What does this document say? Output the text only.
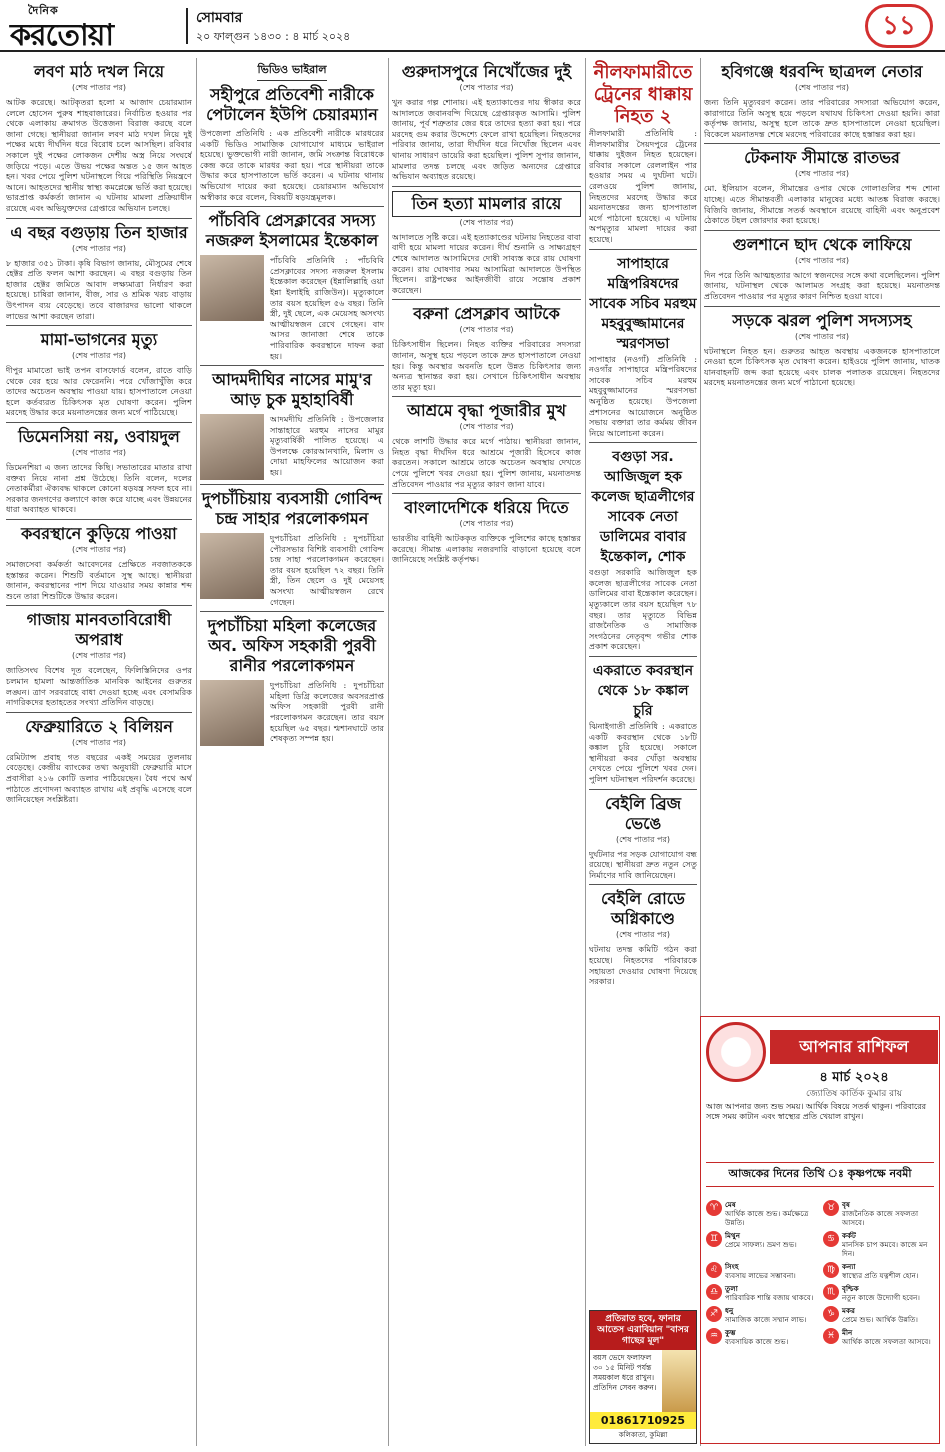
দৈনিক
করতোয়া	সোমবার
২০ ফাল্গুন ১৪৩০ : ৪ মার্চ ২০২৪	১১
লবণ মাঠ দখল নিয়ে
(শেষ পাতার পর)
আটক করেছে। আটকৃতরা হলো ম আজাদ চেয়ারম্যান লেলে হোসেন পুরুষ শাহবাজারের। নির্বাচিত হওয়ার পর থেকে এলাকায় ক্রমাগত উত্তেজনা বিরাজ করছে বলে জানা গেছে। স্থানীয়রা জানান লবণ মাঠ দখল নিয়ে দুই পক্ষের মধ্যে দীর্ঘদিন ধরে বিরোধ চলে আসছিল। রবিবার সকালে দুই পক্ষের লোকজন দেশীয় অস্ত্র নিয়ে সংঘর্ষে জড়িয়ে পড়ে। এতে উভয় পক্ষের অন্তত ১৫ জন আহত হন। খবর পেয়ে পুলিশ ঘটনাস্থলে গিয়ে পরিস্থিতি নিয়ন্ত্রণে আনে। আহতদের স্থানীয় স্বাস্থ্য কমপ্লেক্সে ভর্তি করা হয়েছে। ভারপ্রাপ্ত কর্মকর্তা জানান এ ঘটনায় মামলা প্রক্রিয়াধীন রয়েছে এবং অভিযুক্তদের গ্রেপ্তারে অভিযান চলছে।
এ বছর বগুড়ায় তিন হাজার
(শেষ পাতার পর)
৮ হাজার ৩৫১ টাকা। কৃষি বিভাগ জানায়, মৌসুমের শেষে হেক্টর প্রতি ফলন আশা করছেন। এ বছর বগুড়ায় তিন হাজার হেক্টর জমিতে আবাদ লক্ষ্যমাত্রা নির্ধারণ করা হয়েছে। চাষিরা জানান, বীজ, সার ও শ্রমিক খরচ বাড়ায় উৎপাদন ব্যয় বেড়েছে। তবে বাজারদর ভালো থাকলে লাভের আশা করছেন তারা।
মামা-ভাগনের মৃত্যু
(শেষ পাতার পর)
দীপুর মামাতো ভাই তপন বাসফোর্ড বলেন, রাতে বাড়ি থেকে বের হয়ে আর ফেরেননি। পরে খোঁজাখুঁজি করে তাদের অচেতন অবস্থায় পাওয়া যায়। হাসপাতালে নেওয়া হলে কর্তব্যরত চিকিৎসক মৃত ঘোষণা করেন। পুলিশ মরদেহ উদ্ধার করে ময়নাতদন্তের জন্য মর্গে পাঠিয়েছে।
ডিমেনসিয়া নয়, ওবায়দুল
(শেষ পাতার পর)
ডিমেনশিয়া এ জন্য তাদের কিছি। সভাতারের মাতার রাখা বক্তব্য নিয়ে নানা প্রশ্ন উঠেছে। তিনি বলেন, দলের নেতাকর্মীরা ঐক্যবদ্ধ থাকলে কোনো ষড়যন্ত্র সফল হবে না। সরকার জনগণের কল্যাণে কাজ করে যাচ্ছে এবং উন্নয়নের ধারা অব্যাহত থাকবে।
কবরস্থানে কুড়িয়ে পাওয়া
(শেষ পাতার পর)
সমাজসেবা কর্মকর্তা আবেদনের প্রেক্ষিতে নবজাতককে হস্তান্তর করেন। শিশুটি বর্তমানে সুস্থ আছে। স্থানীয়রা জানান, কবরস্থানের পাশ দিয়ে যাওয়ার সময় কান্নার শব্দ শুনে তারা শিশুটিকে উদ্ধার করেন।
গাজায় মানবতাবিরোধী অপরাধ
(শেষ পাতার পর)
জাতিসংঘ বিশেষ দূত বলেছেন, ফিলিস্তিনিদের ওপর চলমান হামলা আন্তর্জাতিক মানবিক আইনের গুরুতর লঙ্ঘন। ত্রাণ সরবরাহে বাধা দেওয়া হচ্ছে এবং বেসামরিক নাগরিকদের হতাহতের সংখ্যা প্রতিদিন বাড়ছে।
ফেব্রুয়ারিতে ২ বিলিয়ন
(শেষ পাতার পর)
রেমিট্যান্স প্রবাহ গত বছরের একই সময়ের তুলনায় বেড়েছে। কেন্দ্রীয় ব্যাংকের তথ্য অনুযায়ী ফেব্রুয়ারি মাসে প্রবাসীরা ২১৬ কোটি ডলার পাঠিয়েছেন। বৈধ পথে অর্থ পাঠাতে প্রণোদনা অব্যাহত রাখায় এই প্রবৃদ্ধি এসেছে বলে জানিয়েছেন সংশ্লিষ্টরা।
ভিডিও ভাইরাল
সহীপুরে প্রতিবেশী নারীকে পেটালেন ইউপি চেয়ারম্যান
উপজেলা প্রতিনিধি : এক প্রতিবেশী নারীকে মারধরের একটি ভিডিও সামাজিক যোগাযোগ মাধ্যমে ভাইরাল হয়েছে। ভুক্তভোগী নারী জানান, জমি সংক্রান্ত বিরোধকে কেন্দ্র করে তাকে মারধর করা হয়। পরে স্থানীয়রা তাকে উদ্ধার করে হাসপাতালে ভর্তি করেন। এ ঘটনায় থানায় অভিযোগ দায়ের করা হয়েছে। চেয়ারম্যান অভিযোগ অস্বীকার করে বলেন, বিষয়টি ষড়যন্ত্রমূলক।
পাঁচবিবি প্রেসক্লাবের সদস্য নজরুল ইসলামের ইন্তেকাল
পাঁচবিবি প্রতিনিধি : পাঁচবিবি প্রেসক্লাবের সদস্য নজরুল ইসলাম ইন্তেকাল করেছেন (ইন্নালিল্লাহি ওয়া ইন্না ইলাইহি রাজিউন)। মৃত্যুকালে তার বয়স হয়েছিল ৫৬ বছর। তিনি স্ত্রী, দুই ছেলে, এক মেয়েসহ অসংখ্য আত্মীয়স্বজন রেখে গেছেন। বাদ আসর জানাজা শেষে তাকে পারিবারিক কবরস্থানে দাফন করা হয়।
আদমদীঘির নাসের মামু'র আড় চুক মুহাহাবির্ষী
আদমদীঘি প্রতিনিধি : উপজেলার সান্তাহারে মরহুম নাসের মামুর মৃত্যুবার্ষিকী পালিত হয়েছে। এ উপলক্ষে কোরআনখানি, মিলাদ ও দোয়া মাহফিলের আয়োজন করা হয়।
দুপচাঁচিয়ায় ব্যবসায়ী গোবিন্দ চন্দ্র সাহার পরলোকগমন
দুপচাঁচিয়া প্রতিনিধি : দুপচাঁচিয়া পৌরসভার বিশিষ্ট ব্যবসায়ী গোবিন্দ চন্দ্র সাহা পরলোকগমন করেছেন। তার বয়স হয়েছিল ৭২ বছর। তিনি স্ত্রী, তিন ছেলে ও দুই মেয়েসহ অসংখ্য আত্মীয়স্বজন রেখে গেছেন।
দুপচাঁচিয়া মহিলা কলেজের অব. অফিস সহকারী পুরবী রানীর পরলোকগমন
দুপচাঁচিয়া প্রতিনিধি : দুপচাঁচিয়া মহিলা ডিগ্রি কলেজের অবসরপ্রাপ্ত অফিস সহকারী পুরবী রানী পরলোকগমন করেছেন। তার বয়স হয়েছিল ৬৫ বছর। শ্মশানঘাটে তার শেষকৃত্য সম্পন্ন হয়।
গুরুদাসপুরে নিখোঁজের দুই
(শেষ পাতার পর)
খুন করার গল্প শোনায়। এই হত্যাকাণ্ডের দায় স্বীকার করে আদালতে জবানবন্দি দিয়েছে গ্রেপ্তারকৃত আসামি। পুলিশ জানায়, পূর্ব শত্রুতার জের ধরে তাদের হত্যা করা হয়। পরে মরদেহ গুম করার উদ্দেশ্যে ফেলে রাখা হয়েছিল। নিহতদের পরিবার জানায়, তারা দীর্ঘদিন ধরে নিখোঁজ ছিলেন এবং থানায় সাধারণ ডায়েরি করা হয়েছিল। পুলিশ সুপার জানান, মামলার তদন্ত চলছে এবং জড়িত অন্যদের গ্রেপ্তারে অভিযান অব্যাহত রয়েছে।
তিন হত্যা মামলার রায়ে
(শেষ পাতার পর)
আদালতে সৃষ্টি করে। এই হত্যাকাণ্ডের ঘটনায় নিহতের বাবা বাদী হয়ে মামলা দায়ের করেন। দীর্ঘ শুনানি ও সাক্ষ্যগ্রহণ শেষে আদালত আসামিদের দোষী সাব্যস্ত করে রায় ঘোষণা করেন। রায় ঘোষণার সময় আসামিরা আদালতে উপস্থিত ছিলেন। রাষ্ট্রপক্ষের আইনজীবী রায়ে সন্তোষ প্রকাশ করেছেন।
বরুনা প্রেসক্লাব আটকে
(শেষ পাতার পর)
চিকিৎসাধীন ছিলেন। নিহত ব্যক্তির পরিবারের সদস্যরা জানান, অসুস্থ হয়ে পড়লে তাকে দ্রুত হাসপাতালে নেওয়া হয়। কিন্তু অবস্থার অবনতি হলে উন্নত চিকিৎসার জন্য অন্যত্র স্থানান্তর করা হয়। সেখানে চিকিৎসাধীন অবস্থায় তার মৃত্যু হয়।
আশ্রমে বৃদ্ধা পূজারীর মুখ
(শেষ পাতার পর)
থেকে লাশটি উদ্ধার করে মর্গে পাঠায়। স্থানীয়রা জানান, নিহত বৃদ্ধা দীর্ঘদিন ধরে আশ্রমে পূজারী হিসেবে কাজ করতেন। সকালে আশ্রমে তাকে অচেতন অবস্থায় দেখতে পেয়ে পুলিশে খবর দেওয়া হয়। পুলিশ জানায়, ময়নাতদন্ত প্রতিবেদন পাওয়ার পর মৃত্যুর কারণ জানা যাবে।
বাংলাদেশিকে ধরিয়ে দিতে
(শেষ পাতার পর)
ভারতীয় বাহিনী আটককৃত ব্যক্তিকে পুলিশের কাছে হস্তান্তর করেছে। সীমান্ত এলাকায় নজরদারি বাড়ানো হয়েছে বলে জানিয়েছে সংশ্লিষ্ট কর্তৃপক্ষ।
নীলফামারীতে ট্রেনের ধাক্কায় নিহত ২
নীলফামারী প্রতিনিধি : নীলফামারীর সৈয়দপুরে ট্রেনের ধাক্কায় দুইজন নিহত হয়েছেন। রবিবার সকালে রেললাইন পার হওয়ার সময় এ দুর্ঘটনা ঘটে। রেলওয়ে পুলিশ জানায়, নিহতদের মরদেহ উদ্ধার করে ময়নাতদন্তের জন্য হাসপাতাল মর্গে পাঠানো হয়েছে। এ ঘটনায় অপমৃত্যুর মামলা দায়ের করা হয়েছে।
সাপাহারে মন্ত্রিপরিষদের সাবেক সচিব মরহুম মহবুবুজ্জামানের স্মরণসভা
সাপাহার (নওগাঁ) প্রতিনিধি : নওগাঁর সাপাহারে মন্ত্রিপরিষদের সাবেক সচিব মরহুম মহবুবুজ্জামানের স্মরণসভা অনুষ্ঠিত হয়েছে। উপজেলা প্রশাসনের আয়োজনে অনুষ্ঠিত সভায় বক্তারা তার কর্মময় জীবন নিয়ে আলোচনা করেন।
বগুড়া সর. আজিজুল হক কলেজ ছাত্রলীগের সাবেক নেতা ডালিমের বাবার ইন্তেকাল, শোক
বগুড়া সরকারি আজিজুল হক কলেজ ছাত্রলীগের সাবেক নেতা ডালিমের বাবা ইন্তেকাল করেছেন। মৃত্যুকালে তার বয়স হয়েছিল ৭৮ বছর। তার মৃত্যুতে বিভিন্ন রাজনৈতিক ও সামাজিক সংগঠনের নেতৃবৃন্দ গভীর শোক প্রকাশ করেছেন।
একরাতে কবরস্থান থেকে ১৮ কঙ্কাল চুরি
ঝিনাইগাতী প্রতিনিধি : একরাতে একটি কবরস্থান থেকে ১৮টি কঙ্কাল চুরি হয়েছে। সকালে স্থানীয়রা কবর খোঁড়া অবস্থায় দেখতে পেয়ে পুলিশে খবর দেন। পুলিশ ঘটনাস্থল পরিদর্শন করেছে।
বেইলি ব্রিজ ভেঙে
(শেষ পাতার পর)
দুর্ঘটনার পর সড়ক যোগাযোগ বন্ধ রয়েছে। স্থানীয়রা দ্রুত নতুন সেতু নির্মাণের দাবি জানিয়েছেন।
বেইলি রোডে অগ্নিকাণ্ডে
(শেষ পাতার পর)
ঘটনায় তদন্ত কমিটি গঠন করা হয়েছে। নিহতদের পরিবারকে সহায়তা দেওয়ার ঘোষণা দিয়েছে সরকার।
হবিগঞ্জে ধরবন্দি ছাত্রদল নেতার
(শেষ পাতার পর)
জন্য তিনি মৃত্যুবরণ করেন। তার পরিবারের সদস্যরা অভিযোগ করেন, কারাগারে তিনি অসুস্থ হয়ে পড়লে যথাযথ চিকিৎসা দেওয়া হয়নি। কারা কর্তৃপক্ষ জানায়, অসুস্থ হলে তাকে দ্রুত হাসপাতালে নেওয়া হয়েছিল। বিকেলে ময়নাতদন্ত শেষে মরদেহ পরিবারের কাছে হস্তান্তর করা হয়।
টেকনাফ সীমান্তে রাতভর
(শেষ পাতার পর)
মো. ইলিয়াস বলেন, সীমান্তের ওপার থেকে গোলাগুলির শব্দ শোনা যাচ্ছে। এতে সীমান্তবর্তী এলাকার মানুষের মধ্যে আতঙ্ক বিরাজ করছে। বিজিবি জানায়, সীমান্তে সতর্ক অবস্থানে রয়েছে বাহিনী এবং অনুপ্রবেশ ঠেকাতে টহল জোরদার করা হয়েছে।
গুলশানে ছাদ থেকে লাফিয়ে
(শেষ পাতার পর)
দিন পরে তিনি আত্মহত্যার আগে স্বজনদের সঙ্গে কথা বলেছিলেন। পুলিশ জানায়, ঘটনাস্থল থেকে আলামত সংগ্রহ করা হয়েছে। ময়নাতদন্ত প্রতিবেদন পাওয়ার পর মৃত্যুর কারণ নিশ্চিত হওয়া যাবে।
সড়কে ঝরল পুলিশ সদস্যসহ
(শেষ পাতার পর)
ঘটনাস্থলে নিহত হন। গুরুতর আহত অবস্থায় একজনকে হাসপাতালে নেওয়া হলে চিকিৎসক মৃত ঘোষণা করেন। হাইওয়ে পুলিশ জানায়, ঘাতক যানবাহনটি জব্দ করা হয়েছে এবং চালক পলাতক রয়েছেন। নিহতদের মরদেহ ময়নাতদন্তের জন্য মর্গে পাঠানো হয়েছে।
আপনার রাশিফল
৪ মার্চ ২০২৪
জ্যোতিষ কার্তিক কুমার রায়
আজ আপনার জন্য শুভ সময়। আর্থিক বিষয়ে সতর্ক থাকুন। পরিবারের সঙ্গে সময় কাটান এবং স্বাস্থ্যের প্রতি খেয়াল রাখুন।
আজকের দিনের তিথি ঃ কৃষ্ণপক্ষে নবমী
♈ মেষ
আর্থিক কাজে শুভ। কর্মক্ষেত্রে উন্নতি।
♉ বৃষ
রাজনৈতিক কাজে সফলতা আসবে।
♊ মিথুন
প্রেমে সাফল্য। ভ্রমণ শুভ।
♋ কর্কট
মানসিক চাপ কমবে। কাজে মন দিন।
♌ সিংহ
ব্যবসায় লাভের সম্ভাবনা।
♍ কন্যা
স্বাস্থ্যের প্রতি যত্নশীল হোন।
♎ তুলা
পারিবারিক শান্তি বজায় থাকবে।
♏ বৃশ্চিক
নতুন কাজে উদ্যোগী হবেন।
♐ ধনু
সামাজিক কাজে সম্মান লাভ।
♑ মকর
প্রেমে শুভ। আর্থিক উন্নতি।
♒ কুম্ভ
ব্যবসায়িক কাজে শুভ।
♓ মীন
আর্থিক কাজে সফলতা আসবে।
প্রতিরাত হবে, ফানার আতেস এরাবিয়ান "বাসর গাছের মূল"
বয়স ভেদে ফলাফল ৩০ ১৫ মিনিট পর্যন্ত সময়কাল ধরে রাখুন। প্রতিদিন সেবন করুন।
01861710925
কলিকাতা, কুমিল্লা
